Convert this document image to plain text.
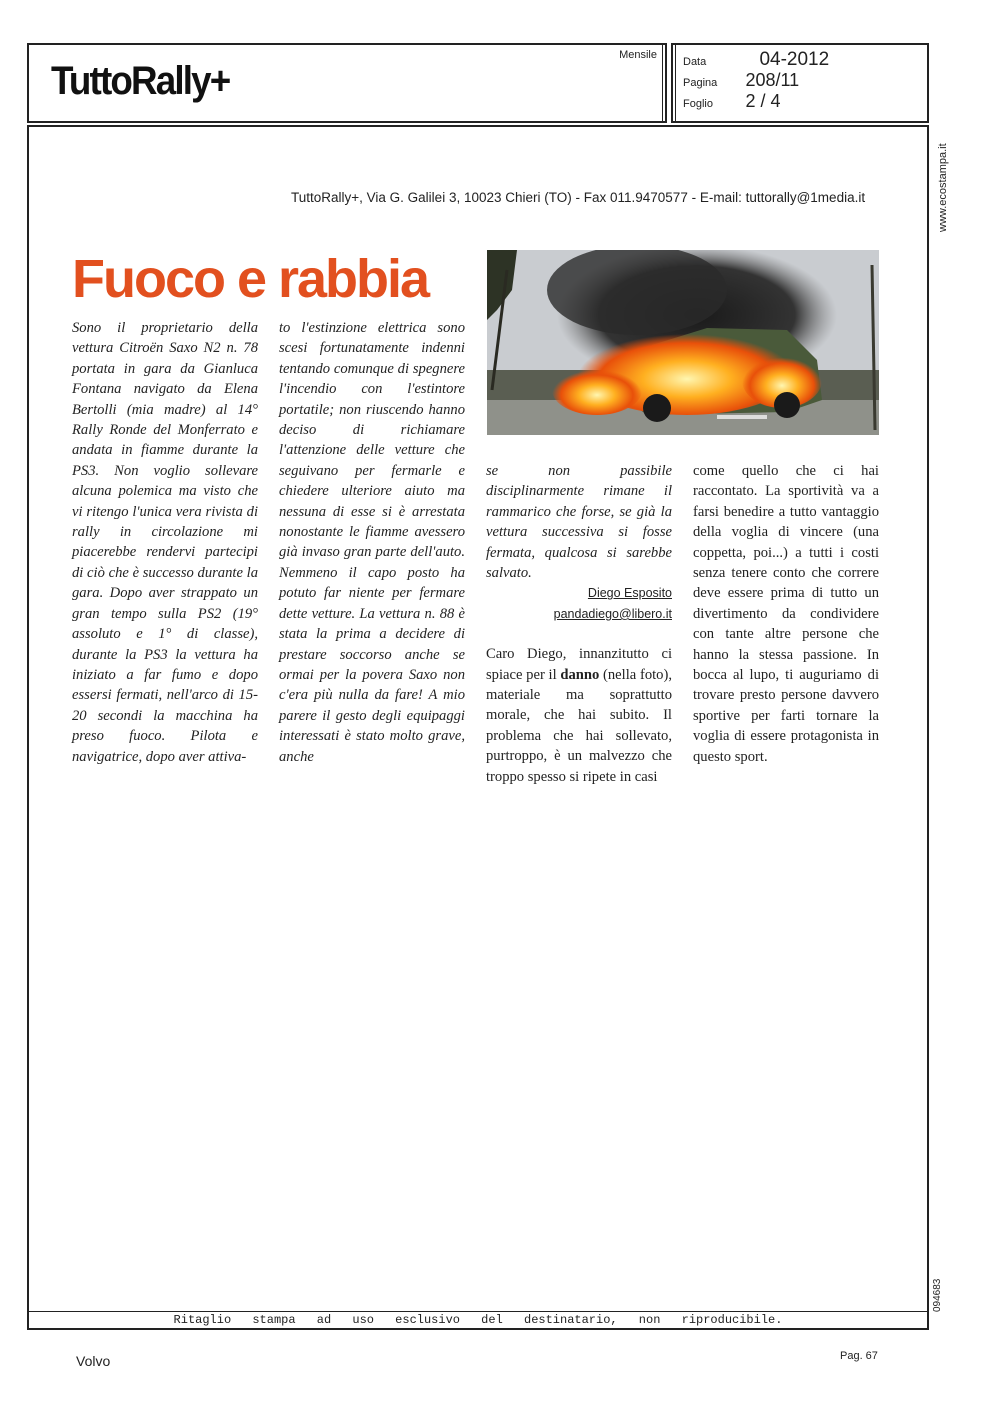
TuttoRally+
Mensile
Data	04-2012
Pagina 208/11
Foglio 2 / 4
www.ecostampa.it
094683
TuttoRally+, Via G. Galilei 3, 10023 Chieri (TO) - Fax 011.9470577 - E-mail: tuttorally@1media.it
Fuoco e rabbia

Sono il proprietario della vettura Citroën Saxo N2 n. 78 portata in gara da Gianluca Fontana navigato da Elena Bertolli (mia madre) al 14° Rally Ronde del Monferrato e andata in fiamme durante la PS3. Non voglio sollevare alcuna polemica ma visto che vi ritengo l'unica vera rivista di rally in circolazione mi piacerebbe rendervi partecipi di ciò che è successo durante la gara. Dopo aver strappato un gran tempo sulla PS2 (19° assoluto e 1° di classe), durante la PS3 la vettura ha iniziato a far fumo e dopo essersi fermati, nell'arco di 15-20 secondi la macchina ha preso fuoco. Pilota e navigatrice, dopo aver attiva-

to l'estinzione elettrica sono scesi fortunatamente indenni tentando comunque di spegnere l'incendio con l'estintore portatile; non riuscendo hanno deciso di richiamare l'attenzione delle vetture che seguivano per fermarle e chiedere ulteriore aiuto ma nessuna di esse si è arrestata nonostante le fiamme avessero già invaso gran parte dell'auto. Nemmeno il capo posto ha potuto far niente per fermare dette vetture. La vettura n. 88 è stata la prima a decidere di prestare soccorso anche se ormai per la povera Saxo non c'era più nulla da fare! A mio parere il gesto degli equipaggi interessati è stato molto grave, anche

se non passibile disciplinarmente rimane il rammarico che forse, se già la vettura successiva si fosse fermata, qualcosa si sarebbe salvato.

Diego Esposito
pandadiego@libero.it

Caro Diego, innanzitutto ci spiace per il danno (nella foto), materiale ma soprattutto morale, che hai subito. Il problema che hai sollevato, purtroppo, è un malvezzo che troppo spesso si ripete in casi

come quello che ci hai raccontato. La sportività va a farsi benedire a tutto vantaggio della voglia di vincere (una coppetta, poi...) a tutti i costi senza tenere conto che correre deve essere prima di tutto un divertimento da condividere con tante altre persone che hanno la stessa passione. In bocca al lupo, ti auguriamo di trovare presto persone davvero sportive per farti tornare la voglia di essere protagonista in questo sport.

Ritaglio stampa ad uso esclusivo del destinatario, non riproducibile.
Volvo	Pag. 67
